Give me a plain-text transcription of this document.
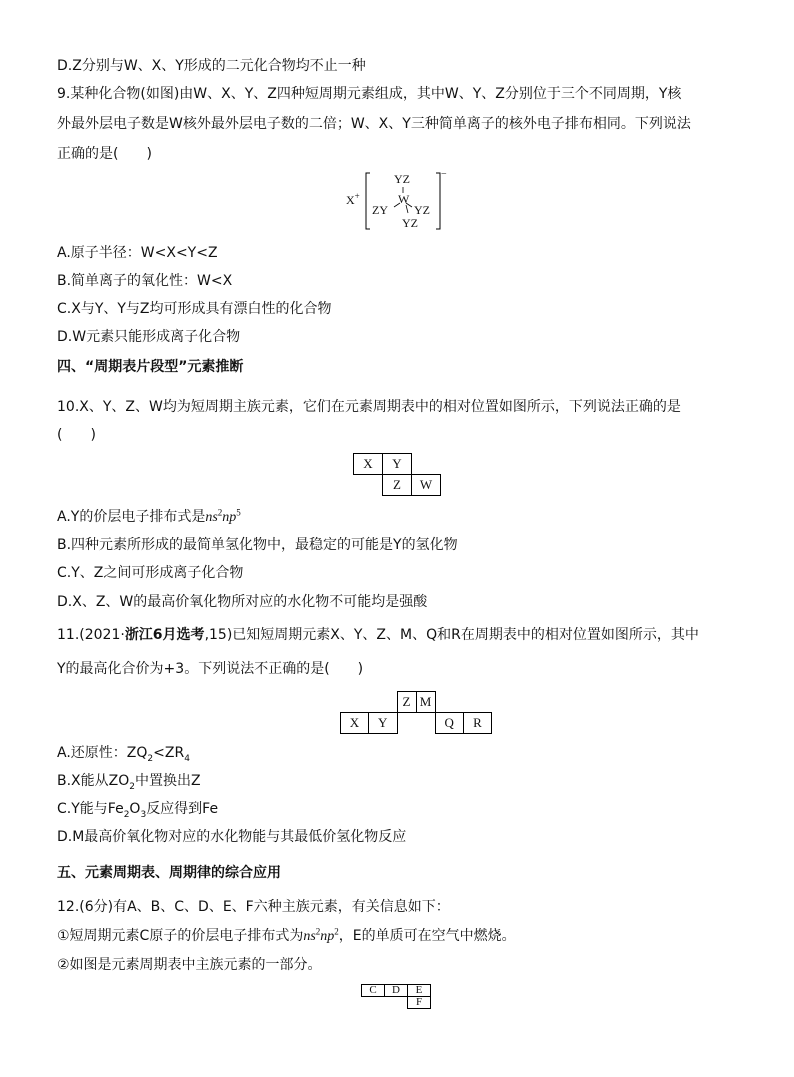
D.Z分别与W、X、Y形成的二元化合物均不止一种
9.某种化合物(如图)由W、X、Y、Z四种短周期元素组成，其中W、Y、Z分别位于三个不同周期，Y核
外最外层电子数是W核外最外层电子数的二倍；W、X、Y三种简单离子的核外电子排布相同。下列说法
正确的是(　　)
X+
YZ
W
ZY YZ
YZ
−
A.原子半径：W<X<Y<Z
B.简单离子的氧化性：W<X
C.X与Y、Y与Z均可形成具有漂白性的化合物
D.W元素只能形成离子化合物
四、“周期表片段型”元素推断
10.X、Y、Z、W均为短周期主族元素，它们在元素周期表中的相对位置如图所示，下列说法正确的是
(　　)
X	Y	
	Z	W
A.Y的价层电子排布式是$ns^2np^5$
B.四种元素所形成的最简单氢化物中，最稳定的可能是Y的氢化物
C.Y、Z之间可形成离子化合物
D.X、Z、W的最高价氧化物所对应的水化物不可能均是强酸
11.(2021·浙江6月选考,15)已知短周期元素X、Y、Z、M、Q和R在周期表中的相对位置如图所示，其中
Y的最高化合价为+3。下列说法不正确的是(　　)
		Z	M		
X	Y			Q	R
A.还原性：$ZQ_2<ZR_4$
B.X能从$ZO_2$中置换出Z
C.Y能与$Fe_2O_3$反应得到Fe
D.M最高价氧化物对应的水化物能与其最低价氢化物反应
五、元素周期表、周期律的综合应用
12.(6分)有A、B、C、D、E、F六种主族元素，有关信息如下：
①短周期元素C原子的价层电子排布式为$ns^2np^2$，E的单质可在空气中燃烧。
②如图是元素周期表中主族元素的一部分。
C	D	E
		F
